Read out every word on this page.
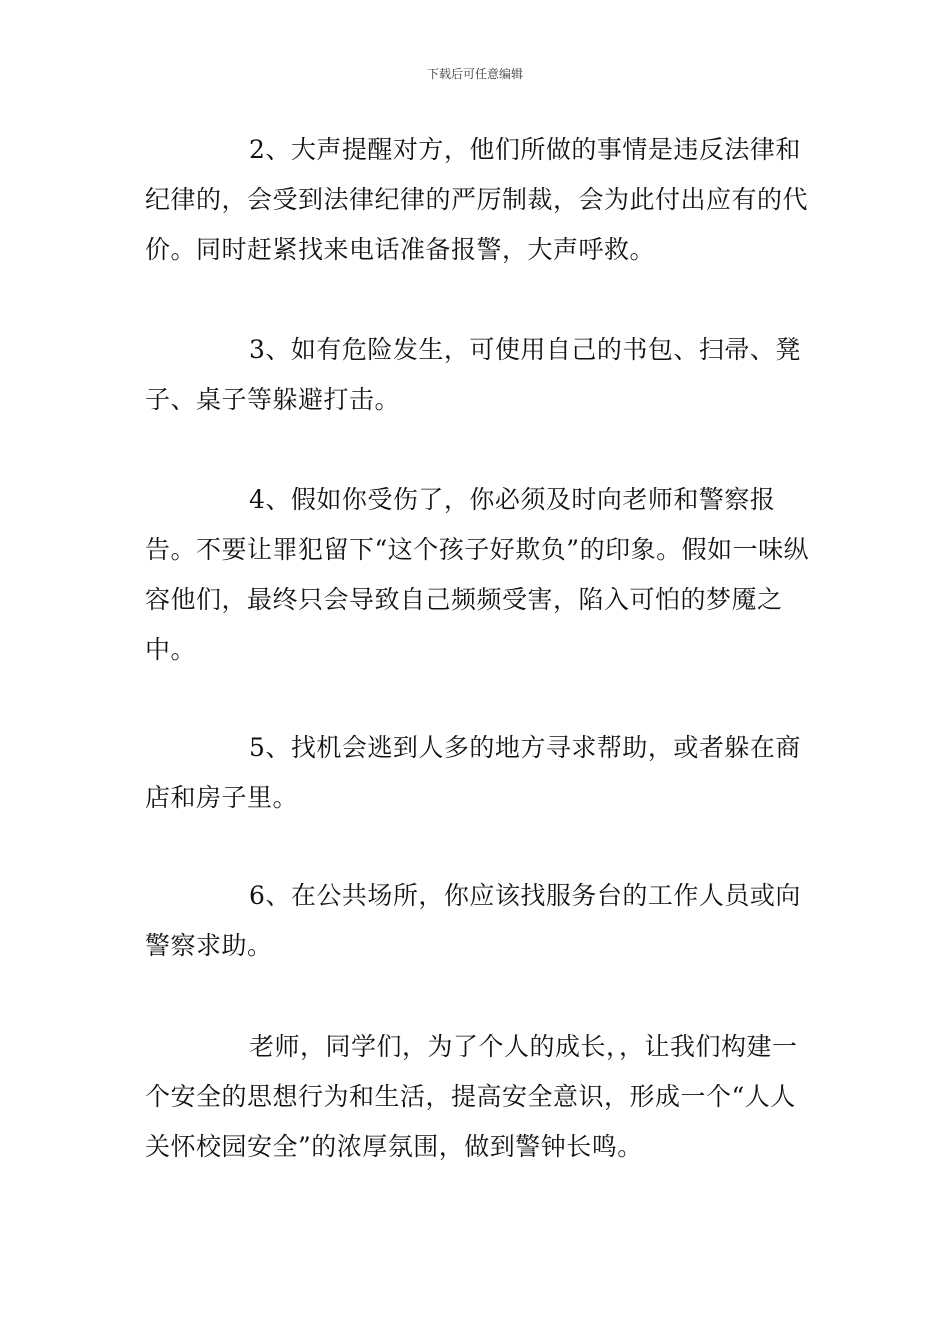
下载后可任意编辑

2、大声提醒对方，他们所做的事情是违反法律和纪律的，会受到法律纪律的严厉制裁，会为此付出应有的代价。同时赶紧找来电话准备报警，大声呼救。

3、如有危险发生，可使用自己的书包、扫帚、凳子、桌子等躲避打击。

4、假如你受伤了，你必须及时向老师和警察报告。不要让罪犯留下“这个孩子好欺负”的印象。假如一味纵容他们，最终只会导致自己频频受害，陷入可怕的梦魇之中。

5、找机会逃到人多的地方寻求帮助，或者躲在商店和房子里。

6、在公共场所，你应该找服务台的工作人员或向警察求助。

老师，同学们，为了个人的成长，，让我们构建一个安全的思想行为和生活，提高安全意识，形成一个“人人关怀校园安全”的浓厚氛围，做到警钟长鸣。
